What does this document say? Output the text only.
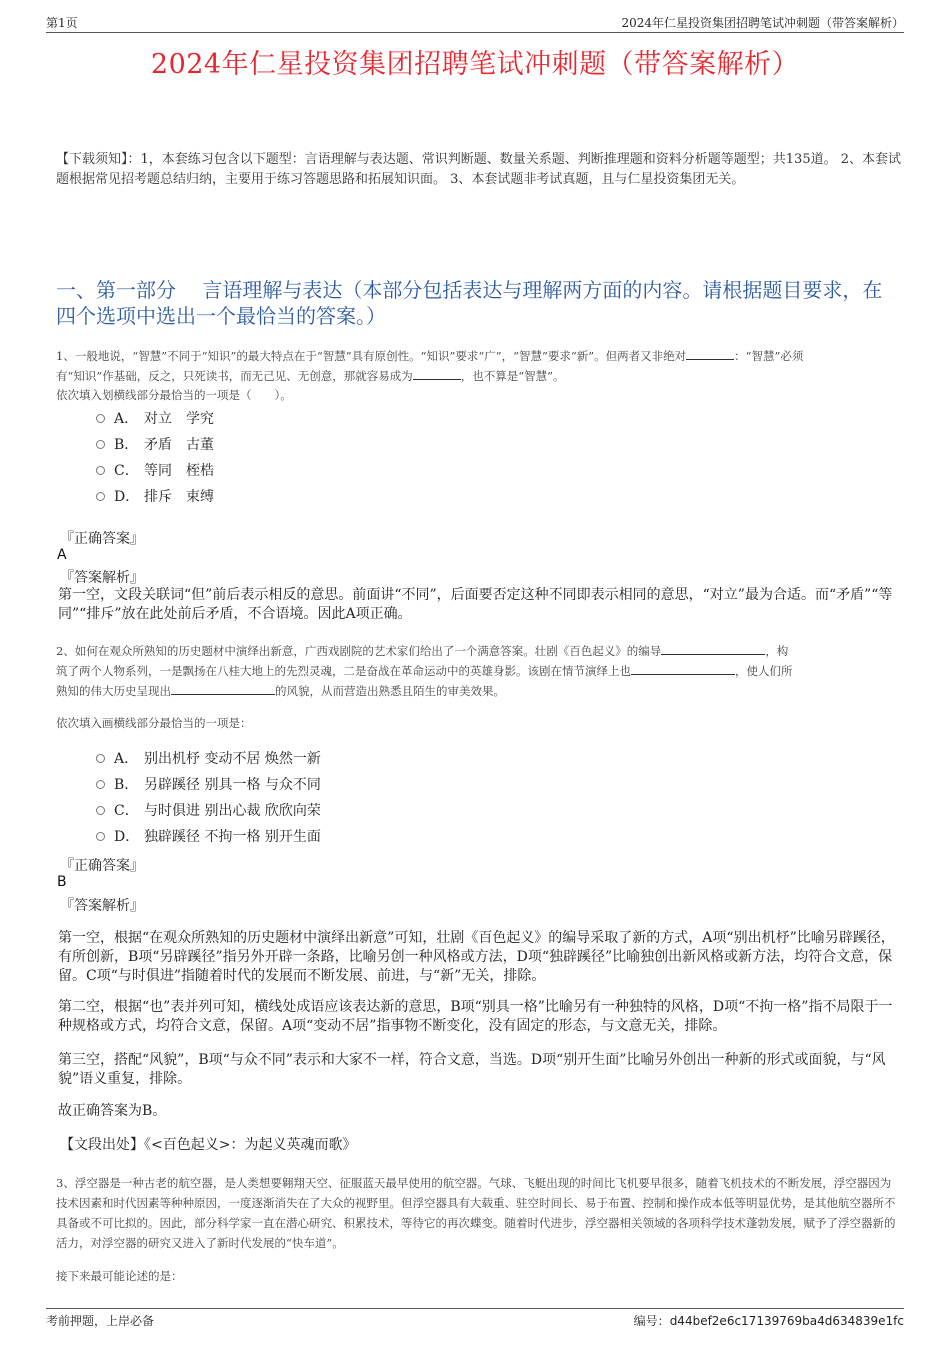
第1页	2024年仁星投资集团招聘笔试冲刺题（带答案解析）
2024年仁星投资集团招聘笔试冲刺题（带答案解析）
【下载须知】：1，本套练习包含以下题型：言语理解与表达题、常识判断题、数量关系题、判断推理题和资料分析题等题型；共135道。 2、本套试题根据常见招考题总结归纳，主要用于练习答题思路和拓展知识面。 3、本套试题非考试真题，且与仁星投资集团无关。
一、第一部分　 言语理解与表达（本部分包括表达与理解两方面的内容。请根据题目要求，在四个选项中选出一个最恰当的答案。）
1、一般地说，“智慧”不同于“知识”的最大特点在于“智慧”具有原创性。“知识”要求“广”，“智慧”要求“新”。但两者又非绝对	：“智慧”必须
有“知识”作基础，反之，只死读书，而无己见、无创意，那就容易成为	，也不算是“智慧”。
依次填入划横线部分最恰当的一项是（　　）。
A． 对立　学究
B． 矛盾　古董
C． 等同　桎梏
D． 排斥　束缚
『正确答案』
A
『答案解析』
第一空，文段关联词“但”前后表示相反的意思。前面讲“不同”，后面要否定这种不同即表示相同的意思，“对立”最为合适。而“矛盾”“等同”“排斥”放在此处前后矛盾，不合语境。因此A项正确。
2、如何在观众所熟知的历史题材中演绎出新意，广西戏剧院的艺术家们给出了一个满意答案。壮剧《百色起义》的编导	，构
筑了两个人物系列，一是飘扬在八桂大地上的先烈灵魂，二是奋战在革命运动中的英雄身影。该剧在情节演绎上也	，使人们所
熟知的伟大历史呈现出	的风貌，从而营造出熟悉且陌生的审美效果。
依次填入画横线部分最恰当的一项是：
A． 别出机杼 变动不居 焕然一新
B． 另辟蹊径 别具一格 与众不同
C． 与时俱进 别出心裁 欣欣向荣
D． 独辟蹊径 不拘一格 别开生面
『正确答案』
B
『答案解析』
第一空，根据“在观众所熟知的历史题材中演绎出新意”可知，壮剧《百色起义》的编导采取了新的方式，A项“别出机杼”比喻另辟蹊径，有所创新，B项“另辟蹊径”指另外开辟一条路，比喻另创一种风格或方法，D项“独辟蹊径”比喻独创出新风格或新方法，均符合文意，保留。C项“与时俱进”指随着时代的发展而不断发展、前进，与“新”无关，排除。
第二空，根据“也”表并列可知，横线处成语应该表达新的意思，B项“别具一格”比喻另有一种独特的风格，D项“不拘一格”指不局限于一种规格或方式，均符合文意，保留。A项“变动不居”指事物不断变化，没有固定的形态，与文意无关，排除。
第三空，搭配“风貌”，B项“与众不同”表示和大家不一样，符合文意，当选。D项“别开生面”比喻另外创出一种新的形式或面貌，与“风貌”语义重复，排除。
故正确答案为B。
【文段出处】《<百色起义>：为起义英魂而歌》
3、浮空器是一种古老的航空器，是人类想要翱翔天空、征服蓝天最早使用的航空器。气球、飞艇出现的时间比飞机要早很多，随着飞机技术的不断发展，浮空器因为技术因素和时代因素等种种原因，一度逐渐消失在了大众的视野里。但浮空器具有大载重、驻空时间长、易于布置、控制和操作成本低等明显优势，是其他航空器所不具备或不可比拟的。因此，部分科学家一直在潜心研究、积累技术，等待它的再次蝶变。随着时代进步，浮空器相关领域的各项科学技术蓬勃发展，赋予了浮空器新的活力，对浮空器的研究又进入了新时代发展的“快车道”。
接下来最可能论述的是：
考前押题，上岸必备	编号：d44bef2e6c17139769ba4d634839e1fc
